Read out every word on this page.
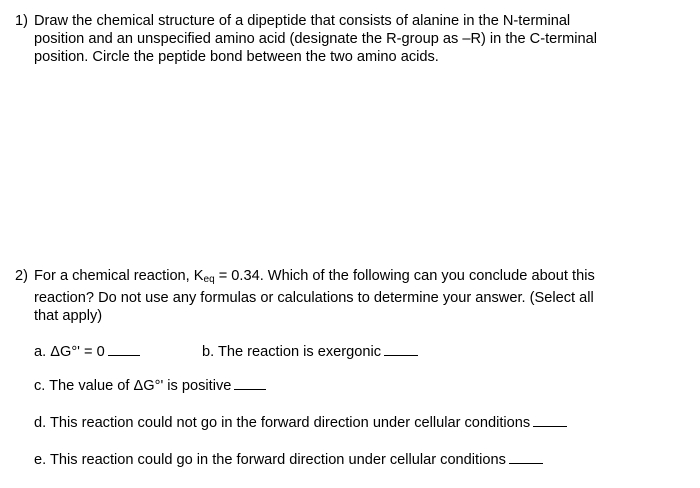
1) Draw the chemical structure of a dipeptide that consists of alanine in the N-terminal
position and an unspecified amino acid (designate the R-group as –R) in the C-terminal
position. Circle the peptide bond between the two amino acids.
2) For a chemical reaction, Keq = 0.34. Which of the following can you conclude about this
reaction? Do not use any formulas or calculations to determine your answer. (Select all
that apply)
a. ΔG°' = 0	b. The reaction is exergonic
c. The value of ΔG°' is positive
d. This reaction could not go in the forward direction under cellular conditions
e. This reaction could go in the forward direction under cellular conditions
